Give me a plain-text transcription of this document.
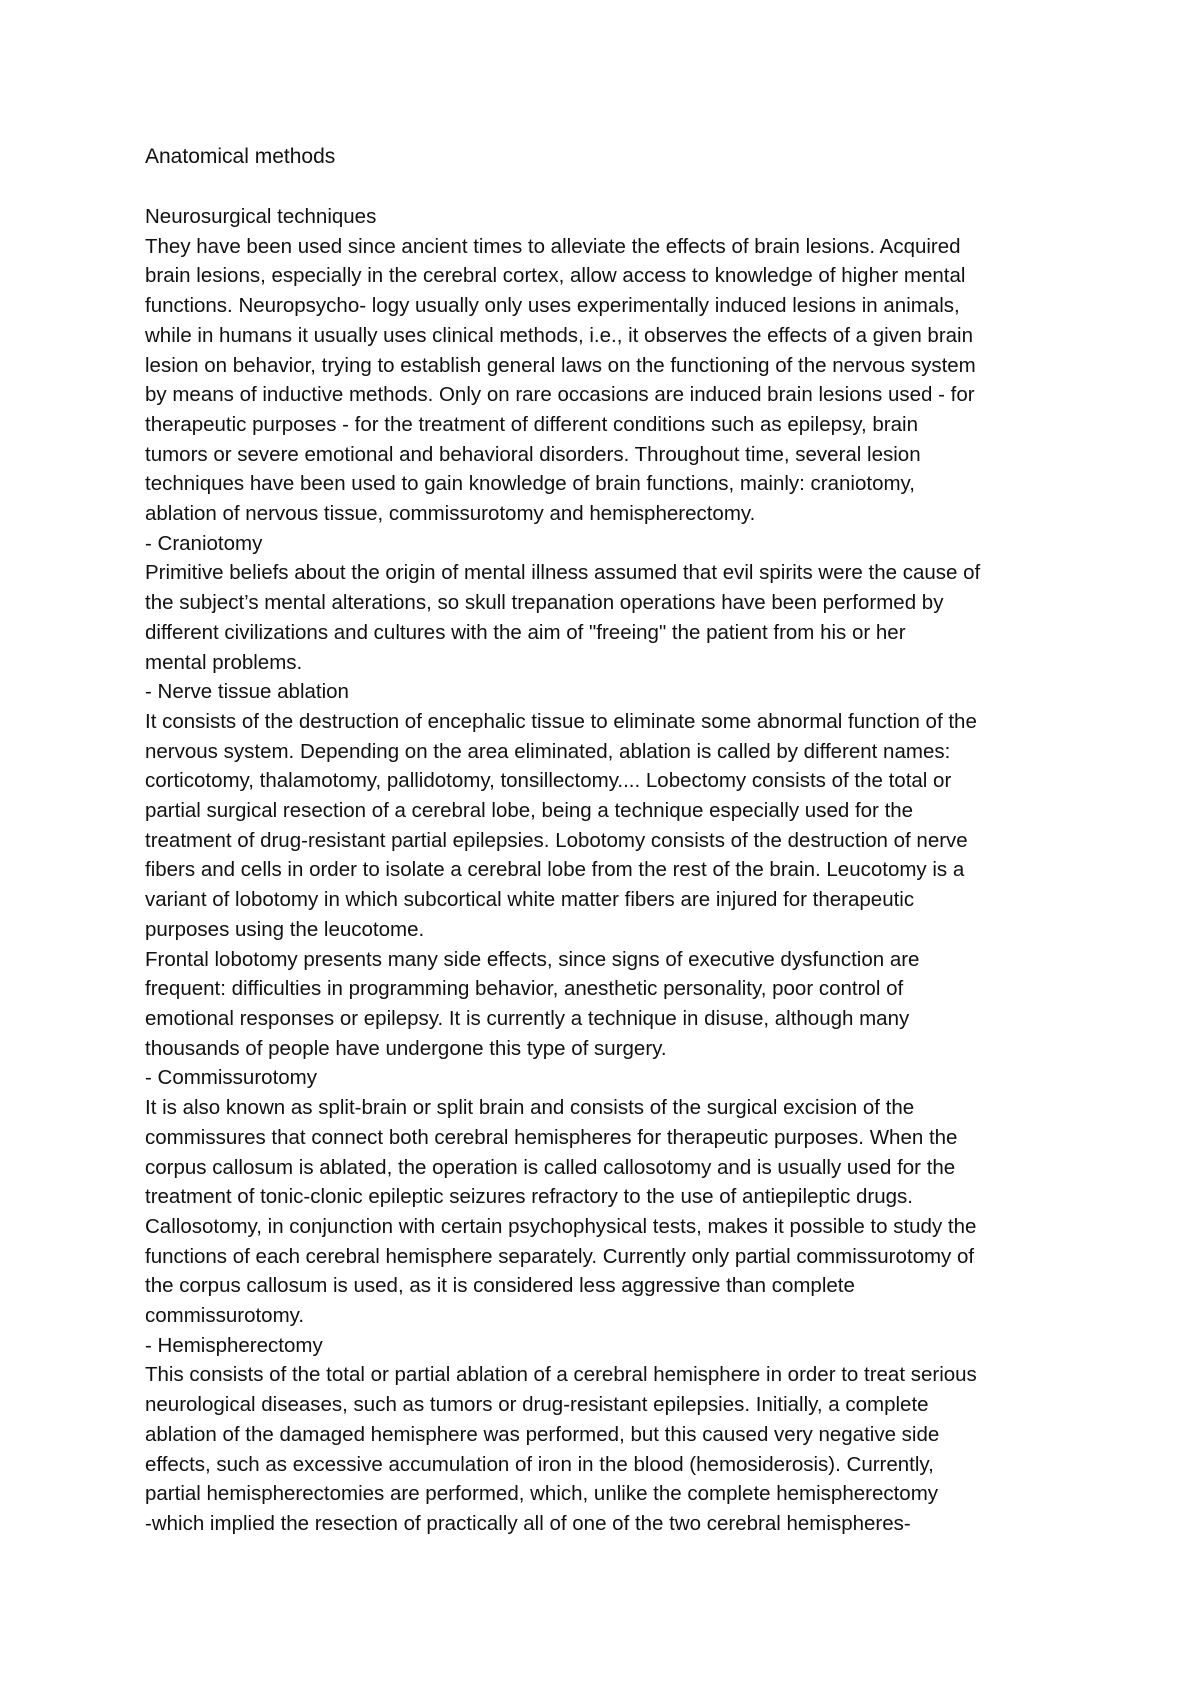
Anatomical methods

Neurosurgical techniques

They have been used since ancient times to alleviate the effects of brain lesions. Acquired

brain lesions, especially in the cerebral cortex, allow access to knowledge of higher mental

functions. Neuropsycho- logy usually only uses experimentally induced lesions in animals,

while in humans it usually uses clinical methods, i.e., it observes the effects of a given brain

lesion on behavior, trying to establish general laws on the functioning of the nervous system

by means of inductive methods. Only on rare occasions are induced brain lesions used - for

therapeutic purposes - for the treatment of different conditions such as epilepsy, brain

tumors or severe emotional and behavioral disorders. Throughout time, several lesion

techniques have been used to gain knowledge of brain functions, mainly: craniotomy,

ablation of nervous tissue, commissurotomy and hemispherectomy.

- Craniotomy

Primitive beliefs about the origin of mental illness assumed that evil spirits were the cause of

the subject’s mental alterations, so skull trepanation operations have been performed by

different civilizations and cultures with the aim of "freeing" the patient from his or her

mental problems.

- Nerve tissue ablation

It consists of the destruction of encephalic tissue to eliminate some abnormal function of the

nervous system. Depending on the area eliminated, ablation is called by different names:

corticotomy, thalamotomy, pallidotomy, tonsillectomy.... Lobectomy consists of the total or

partial surgical resection of a cerebral lobe, being a technique especially used for the

treatment of drug-resistant partial epilepsies. Lobotomy consists of the destruction of nerve

fibers and cells in order to isolate a cerebral lobe from the rest of the brain. Leucotomy is a

variant of lobotomy in which subcortical white matter fibers are injured for therapeutic

purposes using the leucotome.

Frontal lobotomy presents many side effects, since signs of executive dysfunction are

frequent: difficulties in programming behavior, anesthetic personality, poor control of

emotional responses or epilepsy. It is currently a technique in disuse, although many

thousands of people have undergone this type of surgery.

- Commissurotomy

It is also known as split-brain or split brain and consists of the surgical excision of the

commissures that connect both cerebral hemispheres for therapeutic purposes. When the

corpus callosum is ablated, the operation is called callosotomy and is usually used for the

treatment of tonic-clonic epileptic seizures refractory to the use of antiepileptic drugs.

Callosotomy, in conjunction with certain psychophysical tests, makes it possible to study the

functions of each cerebral hemisphere separately. Currently only partial commissurotomy of

the corpus callosum is used, as it is considered less aggressive than complete

commissurotomy.

- Hemispherectomy

This consists of the total or partial ablation of a cerebral hemisphere in order to treat serious

neurological diseases, such as tumors or drug-resistant epilepsies. Initially, a complete

ablation of the damaged hemisphere was performed, but this caused very negative side

effects, such as excessive accumulation of iron in the blood (hemosiderosis). Currently,

partial hemispherectomies are performed, which, unlike the complete hemispherectomy

-which implied the resection of practically all of one of the two cerebral hemispheres-
